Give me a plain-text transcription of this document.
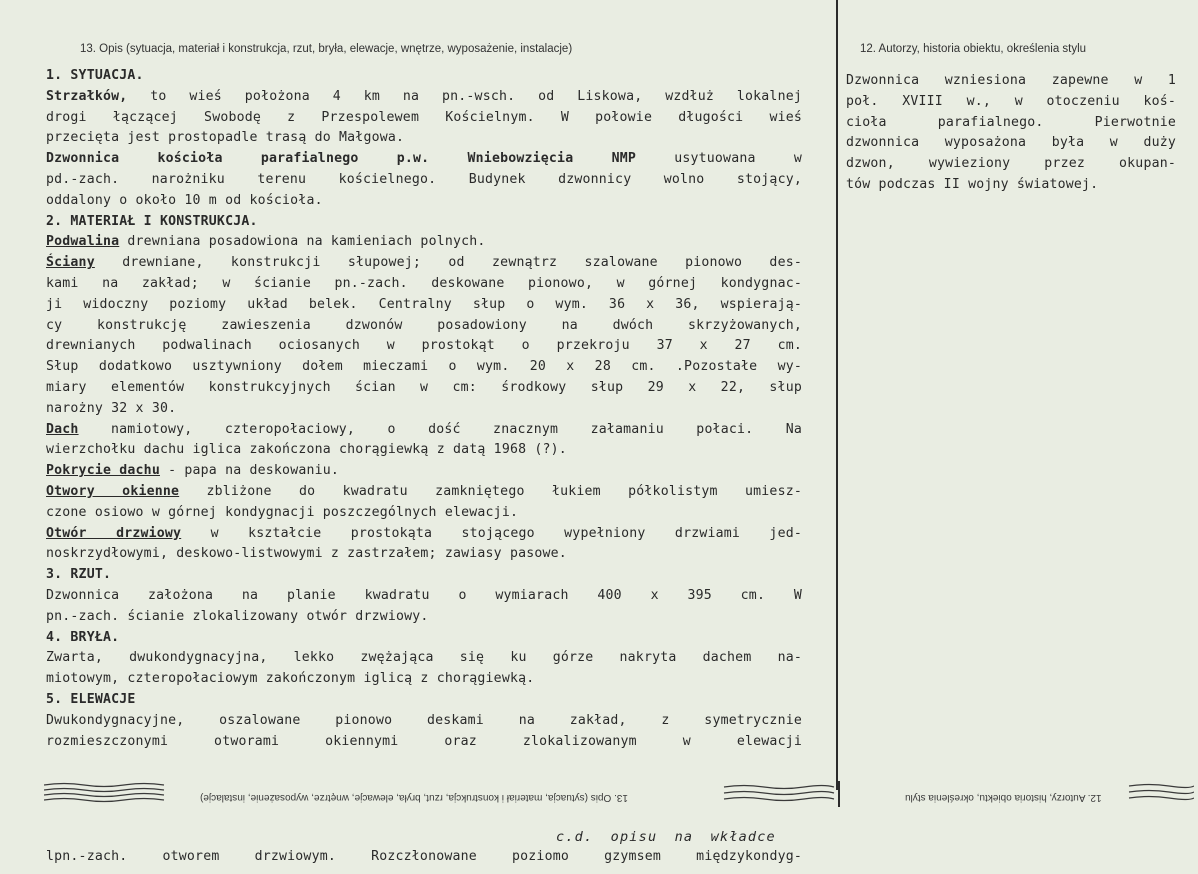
13. Opis (sytuacja, materiał i konstrukcja, rzut, bryła, elewacje, wnętrze, wyposażenie, instalacje)	12. Autorzy, historia obiektu, określenia stylu
1. SYTUACJA.
Strzałków, to wieś położona 4 km na pn.-wsch. od Liskowa, wzdłuż lokalnej
drogi łączącej Swobodę z Przespolewem Kościelnym. W połowie długości wieś
przecięta jest prostopadle trasą do Małgowa.
Dzwonnica kościoła parafialnego p.w. Wniebowzięcia NMP usytuowana w
pd.-zach. narożniku terenu kościelnego. Budynek dzwonnicy wolno stojący,
oddalony o około 10 m od kościoła.
2. MATERIAŁ I KONSTRUKCJA.
Podwalina drewniana posadowiona na kamieniach polnych.
Ściany drewniane, konstrukcji słupowej; od zewnątrz szalowane pionowo des-
kami na zakład; w ścianie pn.-zach. deskowane pionowo, w górnej kondygnac-
ji widoczny poziomy układ belek. Centralny słup o wym. 36 x 36, wspierają-
cy konstrukcję zawieszenia dzwonów posadowiony na dwóch skrzyżowanych,
drewnianych podwalinach ociosanych w prostokąt o przekroju 37 x 27 cm.
Słup dodatkowo usztywniony dołem mieczami o wym. 20 x 28 cm. .Pozostałe wy-
miary elementów konstrukcyjnych ścian w cm: środkowy słup 29 x 22, słup
narożny 32 x 30.
Dach namiotowy, czteropołaciowy, o dość znacznym załamaniu połaci. Na
wierzchołku dachu iglica zakończona chorągiewką z datą 1968 (?).
Pokrycie dachu - papa na deskowaniu.
Otwory okienne zbliżone do kwadratu zamkniętego łukiem półkolistym umiesz-
czone osiowo w górnej kondygnacji poszczególnych elewacji.
Otwór drzwiowy w kształcie prostokąta stojącego wypełniony drzwiami jed-
noskrzydłowymi, deskowo-listwowymi z zastrzałem; zawiasy pasowe.
3. RZUT.
Dzwonnica założona na planie kwadratu o wymiarach 400 x 395 cm. W
pn.-zach. ścianie zlokalizowany otwór drzwiowy.
4. BRYŁA.
Zwarta, dwukondygnacyjna, lekko zwężająca się ku górze nakryta dachem na-
miotowym, czteropołaciowym zakończonym iglicą z chorągiewką.
5. ELEWACJE
Dwukondygnacyjne, oszalowane pionowo deskami na zakład, z symetrycznie
rozmieszczonymi otworami okiennymi oraz zlokalizowanym w elewacji
Dzwonnica wzniesiona zapewne w 1
poł. XVIII w., w otoczeniu koś-
cioła parafialnego. Pierwotnie
dzwonnica wyposażona była w duży
dzwon, wywieziony przez okupan-
tów podczas II wojny światowej.
13. Opis (sytuacja, materiał i konstrukcja, rzut, bryła, elewacje, wnętrze, wyposażenie, instalacje)	12. Autorzy, historia obiektu, określenia stylu
c.d. opisu na wkładce
lpn.-zach. otworem drzwiowym. Rozczłonowane poziomo gzymsem międzykondyg-
